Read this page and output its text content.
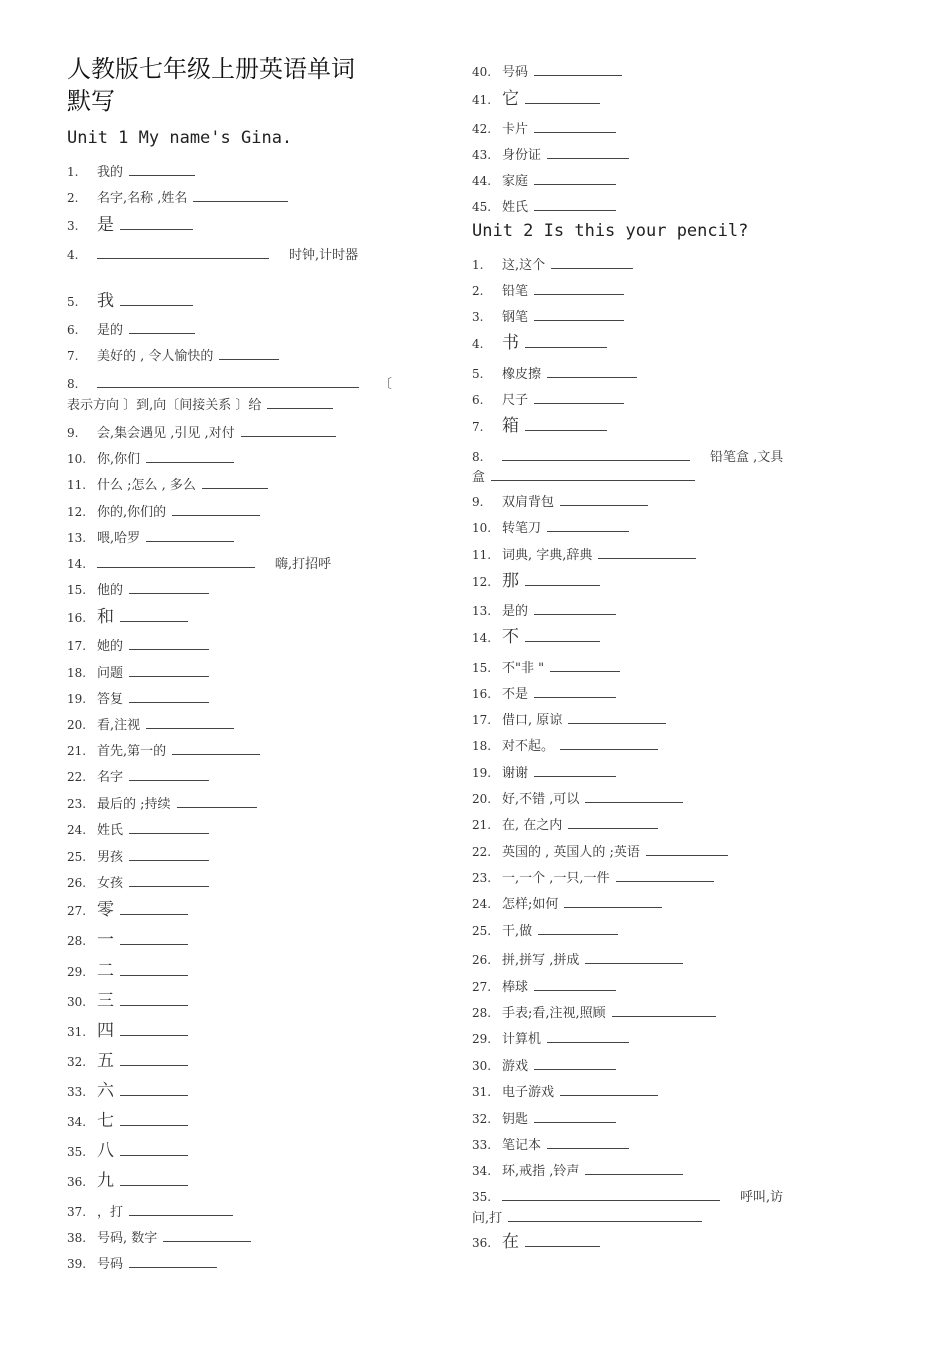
人教版七年级上册英语单词
默写
Unit 1 My name's Gina.
1. 我的
2. 名字,名称 ,姓名
3. 是
4.	时钟,计时器
5. 我
6. 是的
7. 美好的 , 令人愉快的
8.	〔
表示方向 〕到,向〔间接关系 〕给
9. 会,集会遇见 ,引见 ,对付
10. 你,你们
11. 什么 ;怎么 , 多么
12. 你的,你们的
13. 喂,哈罗
14.	嗨,打招呼
15. 他的
16. 和
17. 她的
18. 问题
19. 答复
20. 看,注视
21. 首先,第一的
22. 名字
23. 最后的 ;持续
24. 姓氏
25. 男孩
26. 女孩
27. 零
28. 一
29. 二
30. 三
31. 四
32. 五
33. 六
34. 七
35. 八
36. 九
37. ，打
38. 号码, 数字
39. 号码
40. 号码
41. 它
42. 卡片
43. 身份证
44. 家庭
45. 姓氏
Unit 2 Is this your pencil?
1. 这,这个
2. 铅笔
3. 钢笔
4. 书
5. 橡皮擦
6. 尺子
7. 箱
8.	铅笔盒 ,文具
盒
9. 双肩背包
10. 转笔刀
11. 词典, 字典,辞典
12. 那
13. 是的
14. 不
15. 不"非 "
16. 不是
17. 借口, 原谅
18. 对不起。
19. 谢谢
20. 好,不错 ,可以
21. 在, 在之内
22. 英国的 , 英国人的 ;英语
23. 一,一个 ,一只,一件
24. 怎样;如何
25. 干,做
26. 拼,拼写 ,拼成
27. 棒球
28. 手表;看,注视,照顾
29. 计算机
30. 游戏
31. 电子游戏
32. 钥匙
33. 笔记本
34. 环,戒指 ,铃声
35.	呼叫,访
问,打
36. 在
